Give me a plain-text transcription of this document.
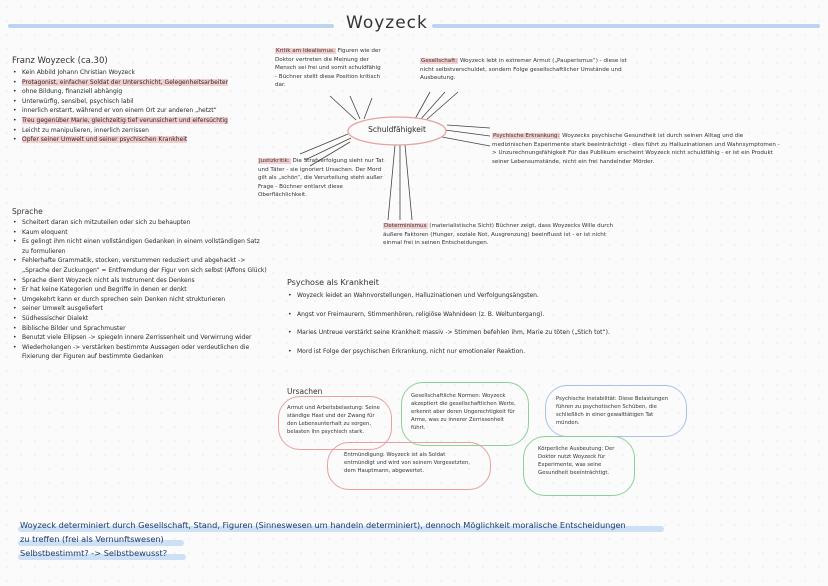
Woyzeck
Franz Woyzeck (ca.30)
• Kein Abbild Johann Christian Woyzeck
• Protagonist, einfacher Soldat der Unterschicht, Gelegenheitsarbeiter
• ohne Bildung, finanziell abhängig
• Unterwürfig, sensibel, psychisch labil
• innerlich erstarrt, während er von einem Ort zur anderen „hetzt“
• Treu gegenüber Marie, gleichzeitig tief verunsichert und eifersüchtig
• Leicht zu manipulieren, innerlich zerrissen
• Opfer seiner Umwelt und seiner psychischen Krankheit
Sprache
• Scheitert daran sich mitzuteilen oder sich zu behaupten
• Kaum eloquent
• Es gelingt ihm nicht einen vollständigen Gedanken in einem vollständigen Satz zu formulieren
• Fehlerhafte Grammatik, stocken, verstummen reduziert und abgehackt -> „Sprache der Zuckungen“ = Entfremdung der Figur von sich selbst (Affons Glück)
• Sprache dient Woyzeck nicht als Instrument des Denkens
• Er hat keine Kategorien und Begriffe in denen er denkt
• Umgekehrt kann er durch sprechen sein Denken nicht strukturieren
• seiner Umwelt ausgeliefert
• Südhessischer Dialekt
• Biblische Bilder und Sprachmuster
• Benutzt viele Ellipsen -> spiegeln innere Zerrissenheit und Verwirrung wider
• Wiederholungen -> verstärken bestimmte Aussagen oder verdeutlichen die Fixierung der Figuren auf bestimmte Gedanken
Schuldfähigkeit
Kritik am Idealismus: Figuren wie der Doktor vertreten die Meinung der Mensch sei frei und somit schuldfähig - Büchner stellt diese Position kritisch dar.
Gesellschaft: Woyzeck lebt in extremer Armut („Pauperismus“) - diese ist nicht selbstverschuldet, sondern Folge gesellschaftlicher Umstände und Ausbeutung.
Justizkritik: Die Strafverfolgung sieht nur Tat und Täter - sie ignoriert Ursachen. Der Mord gilt als „schön“, die Verurteilung steht außer Frage - Büchner entlarvt diese Oberflächlichkeit.
Psychische Erkrankung: Woyzecks psychische Gesundheit ist durch seinen Alltag und die medizinischen Experimente stark beeinträchtigt - dies führt zu Halluzinationen und Wahnsymptomen -> Unzurechnungsfähigkeit Für das Publikum erscheint Woyzeck nicht schuldfähig - er ist ein Produkt seiner Lebensumstände, nicht ein frei handelnder Mörder.
Determinismus (materialistische Sicht) Büchner zeigt, dass Woyzecks Wille durch äußere Faktoren (Hunger, soziale Not, Ausgrenzung) beeinflusst ist - er ist nicht einmal frei in seinen Entscheidungen.
Psychose als Krankheit
• Woyzeck leidet an Wahnvorstellungen, Halluzinationen und Verfolgungsängsten.
• Angst vor Freimaurern, Stimmenhören, religiöse Wahnideen (z. B. Weltuntergang).
• Maries Untreue verstärkt seine Krankheit massiv -> Stimmen befehlen ihm, Marie zu töten („Stich tot“).
• Mord ist Folge der psychischen Erkrankung, nicht nur emotionaler Reaktion.
Ursachen
Armut und Arbeitsbelastung: Seine ständige Hast und der Zwang für den Lebensunterhalt zu sorgen, belasten ihn psychisch stark.
Gesellschaftliche Normen: Woyzeck akzeptiert die gesellschaftlichen Werte, erkennt aber deren Ungerechtigkeit für Arme, was zu innerer Zerrissenheit führt.
Psychische Instabilität: Diese Belastungen führen zu psychotischen Schüben, die schließlich in einer gewalttätigen Tat münden.
Entmündigung: Woyzeck ist als Soldat entmündigt und wird von seinem Vorgesetzten, dem Hauptmann, abgewertet.
Körperliche Ausbeutung: Der Doktor nutzt Woyzeck für Experimente, was seine Gesundheit beeinträchtigt.
Woyzeck determiniert durch Gesellschaft, Stand, Figuren (Sinneswesen um handeln determiniert), dennoch Möglichkeit moralische Entscheidungen
zu treffen (frei als Vernunftswesen)
Selbstbestimmt? -> Selbstbewusst?
